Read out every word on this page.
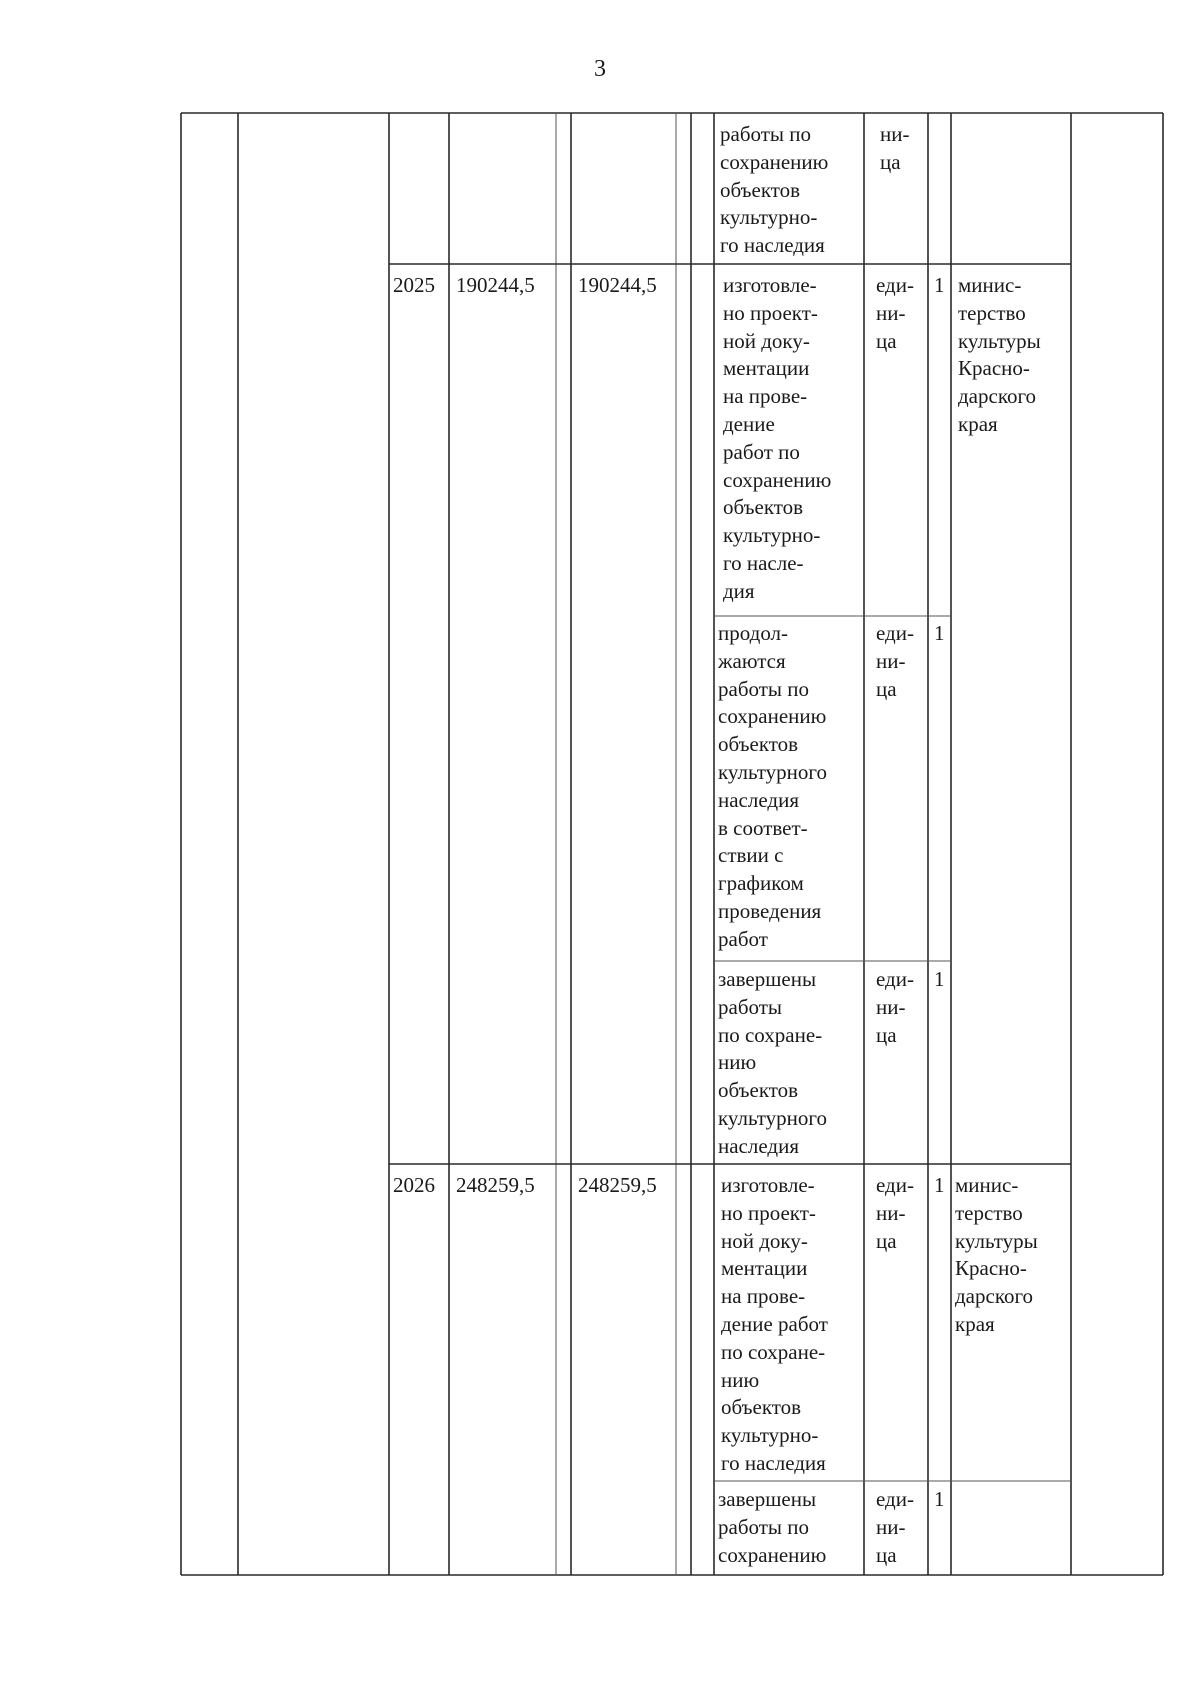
3
работы по
сохранению
объектов
культурно-
го наследия
ни-
ца
2025 190244,5 190244,5	минис-
терство
культуры
Красно-
дарского
края
изготовле-
но проект-
ной доку-
ментации
на прове-
дение
работ по
сохранению
объектов
культурно-
го насле-
дия
еди-
ни-
ца
1
продол-
жаются
работы по
сохранению
объектов
культурного
наследия
в соответ-
ствии с
графиком
проведения
работ
еди-
ни-
ца
1
завершены
работы
по сохране-
нию
объектов
культурного
наследия
еди-
ни-
ца
1
2026 248259,5 248259,5	минис-
терство
культуры
Красно-
дарского
края
изготовле-
но проект-
ной доку-
ментации
на прове-
дение работ
по сохране-
нию
объектов
культурно-
го наследия
еди-
ни-
ца
1
завершены
работы по
сохранению
еди-
ни-
ца
1
